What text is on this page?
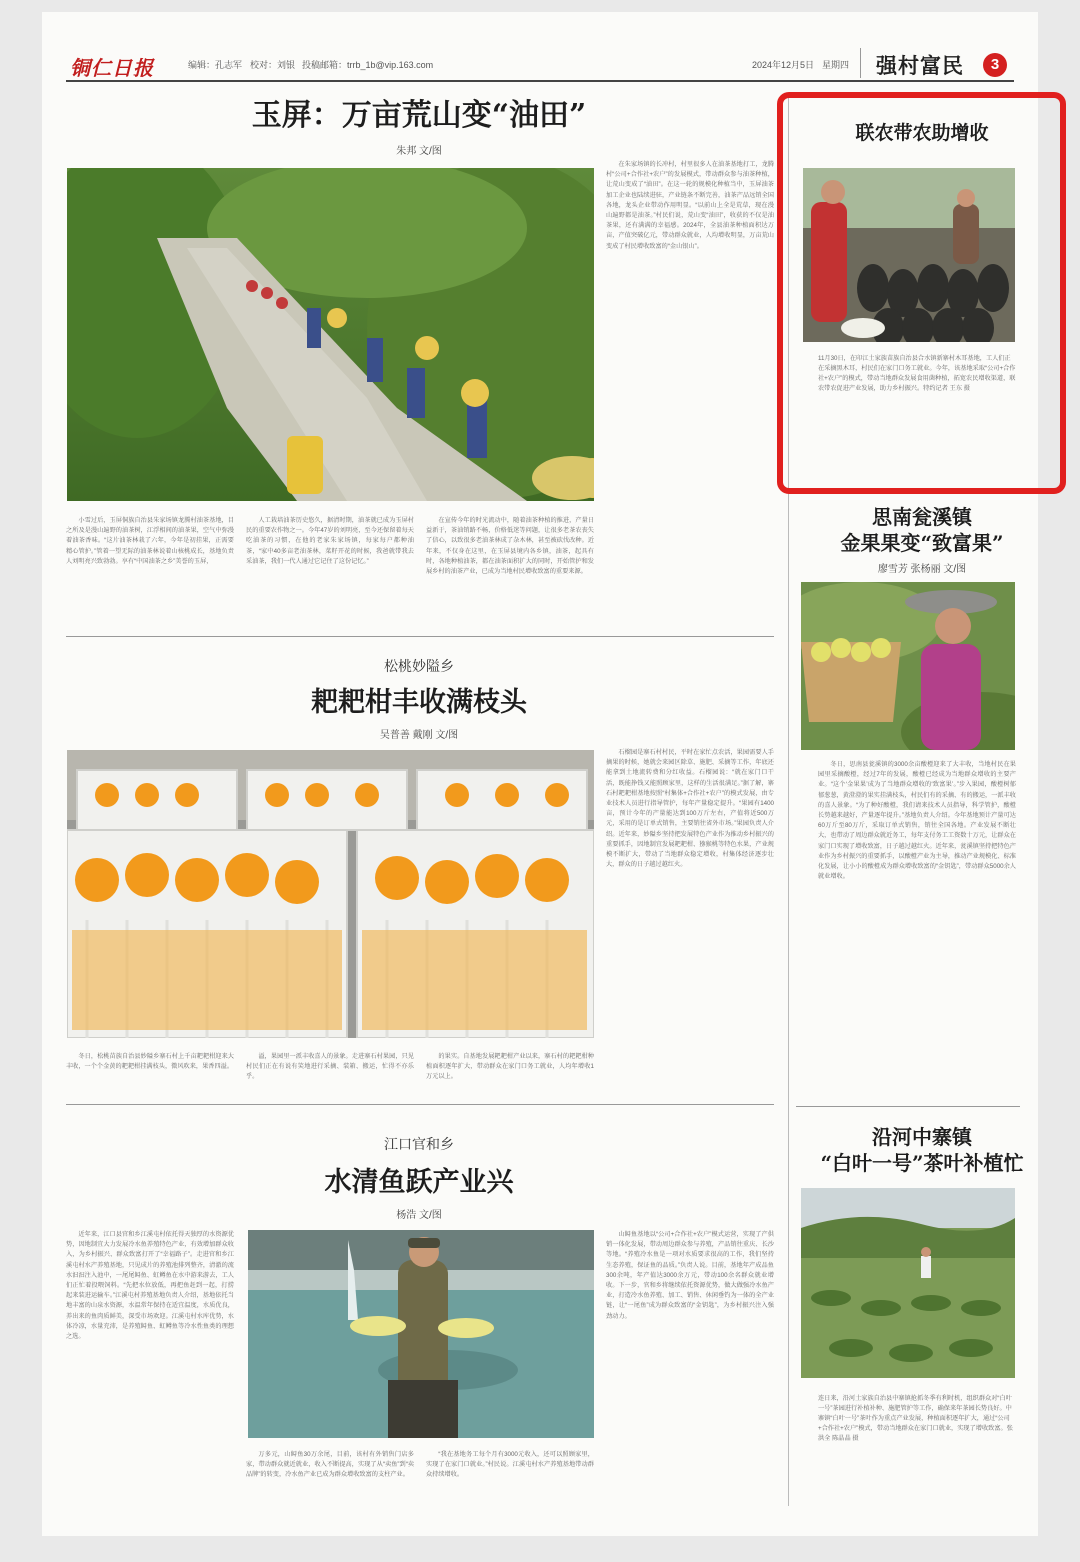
铜仁日报	编辑：孔志军 校对：刘银 投稿邮箱：trrb_1b@vip.163.com	2024年12月5日 星期四 强村富民	3
玉屏：万亩荒山变“油田”
朱邦 文/图

小雪过后，玉屏侗族自治县朱家场镇龙腾村油茶基地，目之所及是漫山遍野的油茶树，江浮相间的油茶果，空气中弥漫着油茶香味。“这片油茶林栽了六年，今年是初挂果，正需要精心管护。”管着一望无际的油茶林说着山核桃成长，基地负责人刘明亮兴致勃勃。享有“中国油茶之乡”美誉的玉屏，

人工栽培油茶历史悠久，据清时期，油茶就已成为玉屏村民的重要农作物之一。今年47岁的刘明亮，至今还保留着每天吃油茶的习惯，在他的老家朱家场镇，每家每户都种油茶，“家中40多亩老油茶林，菜籽开花的时候，我爸就带我去采油茶，我们一代人通过它记住了这份记忆。”

在宣传今年的时光流动中，随着油茶种植的推进，产量日益新于，茶油销路不畅，价格低迷等问题，让很多老茶农丧失了信心，以致很多老油茶林成了杂木林，甚至被砍伐改种。近年来，不仅身在这里，在玉屏县境内各乡镇，油茶，起具有时，各地种植油茶，都在油茶面积扩大的同时，开始管护和发展乡村的油茶产业，已成为当地村民增收致富的重要来源。

在朱家场镇的长冲村，村里很多人在油茶基地打工，龙腾村“公司+合作社+农户”的发展模式，带动群众参与油茶种植，让荒山变成了“油田”。在这一轮的规模化种植当中，玉屏油茶加工企业也陆续进驻，产业链条不断完善，油茶产品远销全国各地，龙头企业带动作用明显。“以前山上全是荒草，现在漫山遍野都是油茶。”村民们说，荒山变“油田”，收获的不仅是油茶果，还有满满的幸福感。2024年，全县油茶种植面积达万亩，产值突破亿元，带动群众就业，人均增收明显，万亩荒山变成了村民增收致富的“金山银山”。

松桃妙隘乡
耙耙柑丰收满枝头
吴普善 戴刚 文/图

冬日，松桃苗族自治县妙隘乡寨石村上千亩耙耙柑迎来大丰收，一个个金黄的耙耙柑挂满枝头，微风吹来，果香四溢。

溢，果园里一派丰收喜人的景象。走进寨石村果园，只见村民们正在有说有笑地进行采摘、装箱、搬运，忙得不亦乐乎。

的果实。自基地发展耙耙柑产业以来，寨石村的耙耙柑种植面积逐年扩大，带动群众在家门口务工就业，人均年增收1万元以上。

石榴园是寨石村村民，平时在家忙点农活，果园需要人手摘果的时候，她就会来园区除草、施肥、采摘等工作，年底还能拿到土地流转费和分红收益。石榴园说：“就在家门口干活，既能挣钱又能照顾家里，这样的生活很满足。”据了解，寨石村耙耙柑基地按照“村集体+合作社+农户”的模式发展，由专业技术人员进行指导管护，每年产量稳定提升。“果园有1400亩，预计今年的产量能达到100万斤左右，产值将近500万元，采用的是订单式销售，主要销往省外市场。”果园负责人介绍。近年来，妙隘乡坚持把发展特色产业作为推动乡村振兴的重要抓手，因地制宜发展耙耙柑、猕猴桃等特色水果，产业规模不断扩大，带动了当地群众稳定增收，村集体经济逐步壮大，群众的日子越过越红火。

江口官和乡
水清鱼跃产业兴
杨浩 文/图

近年来，江口县官和乡江溪屯村依托得天独厚的水资源优势，因地制宜大力发展冷水鱼养殖特色产业，有效增加群众收入，为乡村振兴、群众致富打开了“幸福路子”。走进官和乡江溪屯村水产养殖基地，只见成片的养殖池排列整齐，清澈的流水汩汩注入池中，一尾尾鲟鱼、虹鳟鱼在水中游来游去，工人们正忙着投喂饲料。“先把水位放低，再把鱼赶到一起，打捞起来装进运输车。”江溪屯村养殖基地负责人介绍，基地依托当地丰富的山泉水资源，水温常年保持在适宜温度，水质优良，养出来的鱼肉质鲜美，深受市场欢迎。江溪屯村水库优势，水体冷凉，水量充沛，是养殖鲟鱼、虹鳟鱼等冷水性鱼类的理想之选。

万多元，山鲟鱼30万余尾，目前，该村有外销售门店多家，带动群众就近就业，收入不断提高，实现了从“卖鱼”到“卖品牌”的转变，冷水鱼产业已成为群众增收致富的支柱产业。

“我在基地务工每个月有3000元收入，还可以照顾家里，实现了在家门口就业。”村民说。江溪屯村水产养殖基地带动群众持续增收。

山鲟鱼基地以“公司+合作社+农户”模式运营，实现了产供销一体化发展，带动周边群众参与养殖，产品销往重庆、长沙等地。“养殖冷水鱼是一项对水质要求很高的工作，我们坚持生态养殖，保证鱼的品质。”负责人说。目前，基地年产成品鱼300余吨，年产值达3000余万元，带动100余名群众就业增收。下一步，官和乡将继续依托资源优势，做大做强冷水鱼产业，打造冷水鱼养殖、加工、销售、休闲垂钓为一体的全产业链，让“一尾鱼”成为群众致富的“金钥匙”，为乡村振兴注入强劲动力。

联农带农助增收
11月30日，在印江土家族苗族自治县合水镇新寨村木耳基地，工人们正在采摘黑木耳，村民们在家门口务工就业。今年，该基地采取“公司+合作社+农户”的模式，带动当地群众发展食用菌种植，拓宽农民增收渠道，联农带农促进产业发展，助力乡村振兴。特约记者 王东 摄
思南瓮溪镇
金果果变“致富果”
廖雪芳 张杨丽 文/图

冬日，思南县瓮溪镇的3000余亩酸橙迎来了大丰收，当地村民在果园里采摘酸橙，经过7年的发展，酸橙已经成为当地群众增收的主要产业。“这个‘金果果’成为了当地群众增收的‘致富果’。”步入果园，酸橙树郁郁葱葱，黄澄澄的果实挂满枝头，村民们有的采摘、有的搬运，一派丰收的喜人景象。“为了种好酸橙，我们请来技术人员指导，科学管护，酸橙长势越来越好，产量逐年提升。”基地负责人介绍。今年基地预计产量可达60万斤至80万斤，采取订单式销售，销往全国各地。产业发展不断壮大，也带动了周边群众就近务工，每年支付务工工资数十万元，让群众在家门口实现了增收致富，日子越过越红火。近年来，瓮溪镇坚持把特色产业作为乡村振兴的重要抓手，以酸橙产业为主导，推动产业规模化、标准化发展，让小小的酸橙成为群众增收致富的“金钥匙”，带动群众5000余人就业增收。

沿河中寨镇
“白叶一号”茶叶补植忙
连日来，沿河土家族自治县中寨镇抢抓冬季有利时机，组织群众对“白叶一号”茶园进行补植补种、施肥管护等工作，确保来年茶园长势良好。中寨镇“白叶一号”茶叶作为重点产业发展，种植面积逐年扩大，通过“公司+合作社+农户”模式，带动当地群众在家门口就业，实现了增收致富。张洪全 陈晶晶 摄
